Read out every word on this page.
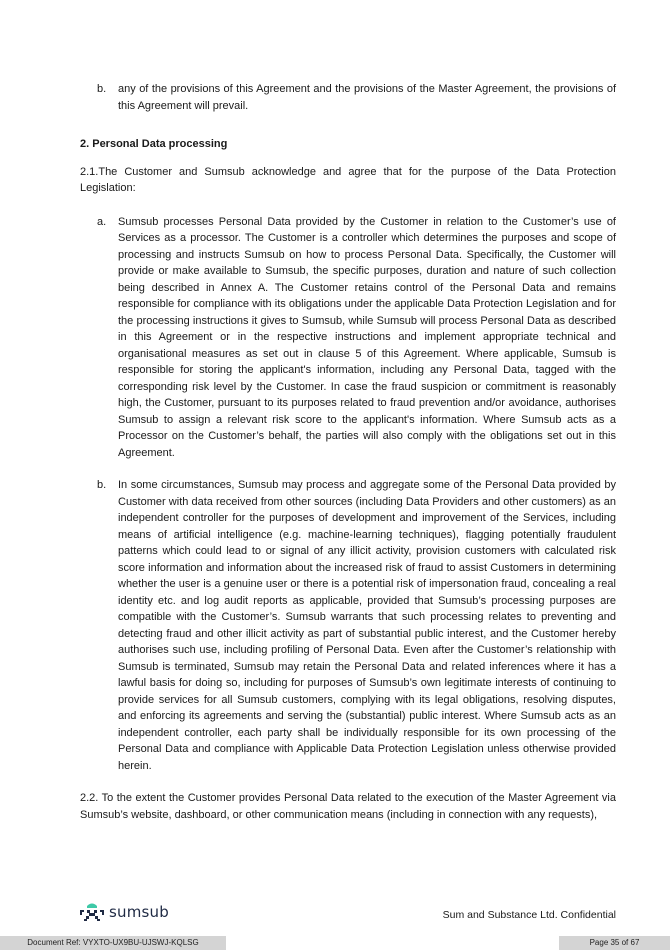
b. any of the provisions of this Agreement and the provisions of the Master Agreement, the provisions of this Agreement will prevail.
2. Personal Data processing
2.1.The Customer and Sumsub acknowledge and agree that for the purpose of the Data Protection Legislation:
a. Sumsub processes Personal Data provided by the Customer in relation to the Customer’s use of Services as a processor. The Customer is a controller which determines the purposes and scope of processing and instructs Sumsub on how to process Personal Data. Specifically, the Customer will provide or make available to Sumsub, the specific purposes, duration and nature of such collection being described in Annex A. The Customer retains control of the Personal Data and remains responsible for compliance with its obligations under the applicable Data Protection Legislation and for the processing instructions it gives to Sumsub, while Sumsub will process Personal Data as described in this Agreement or in the respective instructions and implement appropriate technical and organisational measures as set out in clause 5 of this Agreement. Where applicable, Sumsub is responsible for storing the applicant's information, including any Personal Data, tagged with the corresponding risk level by the Customer. In case the fraud suspicion or commitment is reasonably high, the Customer, pursuant to its purposes related to fraud prevention and/or avoidance, authorises Sumsub to assign a relevant risk score to the applicant's information. Where Sumsub acts as a Processor on the Customer’s behalf, the parties will also comply with the obligations set out in this Agreement.
b. In some circumstances, Sumsub may process and aggregate some of the Personal Data provided by Customer with data received from other sources (including Data Providers and other customers) as an independent controller for the purposes of development and improvement of the Services, including means of artificial intelligence (e.g. machine-learning techniques), flagging potentially fraudulent patterns which could lead to or signal of any illicit activity, provision customers with calculated risk score information and information about the increased risk of fraud to assist Customers in determining whether the user is a genuine user or there is a potential risk of impersonation fraud, concealing a real identity etc. and log audit reports as applicable, provided that Sumsub’s processing purposes are compatible with the Customer’s. Sumsub warrants that such processing relates to preventing and detecting fraud and other illicit activity as part of substantial public interest, and the Customer hereby authorises such use, including profiling of Personal Data. Even after the Customer’s relationship with Sumsub is terminated, Sumsub may retain the Personal Data and related inferences where it has a lawful basis for doing so, including for purposes of Sumsub’s own legitimate interests of continuing to provide services for all Sumsub customers, complying with its legal obligations, resolving disputes, and enforcing its agreements and serving the (substantial) public interest. Where Sumsub acts as an independent controller, each party shall be individually responsible for its own processing of the Personal Data and compliance with Applicable Data Protection Legislation unless otherwise provided herein.
2.2. To the extent the Customer provides Personal Data related to the execution of the Master Agreement via Sumsub’s website, dashboard, or other communication means (including in connection with any requests),
sumsub	Sum and Substance Ltd. Confidential
Document Ref: VYXTO-UX9BU-UJSWJ-KQLSG	Page 35 of 67
